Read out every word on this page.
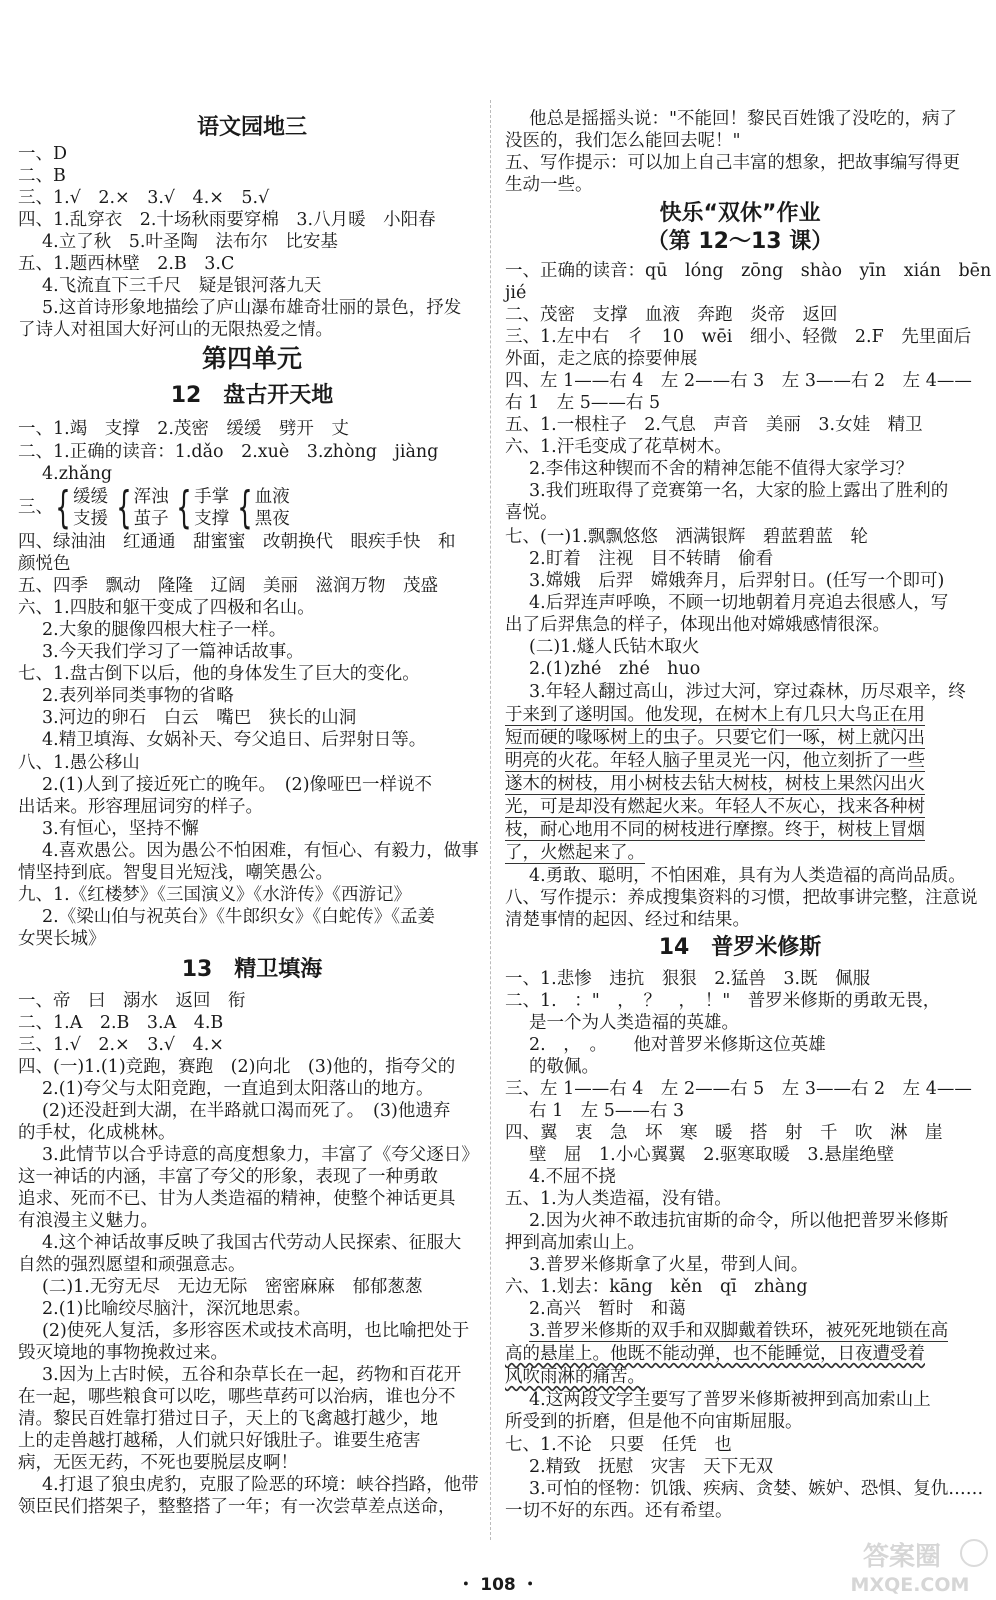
语文园地三
一、D
二、B
三、1.√　2.×　3.√　4.×　5.√
四、1.乱穿衣　2.十场秋雨要穿棉　3.八月暖　小阳春
4.立了秋　5.叶圣陶　法布尔　比安基
五、1.题西林壁　2.B　3.C
4.飞流直下三千尺　疑是银河落九天
5.这首诗形象地描绘了庐山瀑布雄奇壮丽的景色，抒发
了诗人对祖国大好河山的无限热爱之情。
第四单元
12　盘古开天地
一、1.竭　支撑　2.茂密　缓缓　劈开　丈
二、1.正确的读音：1.dǎo　2.xuè　3.zhòng　jiàng
4.zhǎng
三、{ 缓缓
支援 { 浑浊
茧子 { 手掌
支撑 { 血液
黑夜
四、绿油油　红通通　甜蜜蜜　改朝换代　眼疾手快　和
颜悦色
五、四季　飘动　隆隆　辽阔　美丽　滋润万物　茂盛
六、1.四肢和躯干变成了四极和名山。
2.大象的腿像四根大柱子一样。
3.今天我们学习了一篇神话故事。
七、1.盘古倒下以后，他的身体发生了巨大的变化。
2.表列举同类事物的省略
3.河边的卵石　白云　嘴巴　狭长的山洞
4.精卫填海、女娲补天、夸父追日、后羿射日等。
八、1.愚公移山
2.(1)人到了接近死亡的晚年。　(2)像哑巴一样说不
出话来。形容理屈词穷的样子。
3.有恒心，坚持不懈
4.喜欢愚公。因为愚公不怕困难，有恒心、有毅力，做事
情坚持到底。智叟目光短浅，嘲笑愚公。
九、1.《红楼梦》《三国演义》《水浒传》《西游记》
2.《梁山伯与祝英台》《牛郎织女》《白蛇传》《孟姜
女哭长城》
13　精卫填海
一、帝　曰　溺水　返回　衔
二、1.A　2.B　3.A　4.B
三、1.√　2.×　3.√　4.×
四、(一)1.(1)竞跑，赛跑　(2)向北　(3)他的，指夸父的
2.(1)夸父与太阳竞跑，一直追到太阳落山的地方。
(2)还没赶到大湖，在半路就口渴而死了。　(3)他遗弃
的手杖，化成桃林。
3.此情节以合乎诗意的高度想象力，丰富了《夸父逐日》
这一神话的内涵，丰富了夸父的形象，表现了一种勇敢
追求、死而不已、甘为人类造福的精神，使整个神话更具
有浪漫主义魅力。
4.这个神话故事反映了我国古代劳动人民探索、征服大
自然的强烈愿望和顽强意志。
(二)1.无穷无尽　无边无际　密密麻麻　郁郁葱葱
2.(1)比喻绞尽脑汁，深沉地思索。
(2)使死人复活，多形容医术或技术高明，也比喻把处于
毁灭境地的事物挽救过来。
3.因为上古时候，五谷和杂草长在一起，药物和百花开
在一起，哪些粮食可以吃，哪些草药可以治病，谁也分不
清。黎民百姓靠打猎过日子，天上的飞禽越打越少，地
上的走兽越打越稀，人们就只好饿肚子。谁要生疮害
病，无医无药，不死也要脱层皮啊！
4.打退了狼虫虎豹，克服了险恶的环境：峡谷挡路，他带
领臣民们搭架子，整整搭了一年；有一次尝草差点送命，
他总是摇摇头说："不能回！黎民百姓饿了没吃的，病了
没医的，我们怎么能回去呢！"
五、写作提示：可以加上自己丰富的想象，把故事编写得更
生动一些。
快乐“双休”作业
（第 12～13 课）
一、正确的读音：qū　lóng　zōng　shào　yīn　xián　bēn
jié
二、茂密　支撑　血液　奔跑　炎帝　返回
三、1.左中右　彳　10　wēi　细小、轻微　2.F　先里面后
外面，走之底的捺要伸展
四、左 1——右 4　左 2——右 3　左 3——右 2　左 4——
右 1　左 5——右 5
五、1.一根柱子　2.气息　声音　美丽　3.女娃　精卫
六、1.汗毛变成了花草树木。
2.李伟这种锲而不舍的精神怎能不值得大家学习？
3.我们班取得了竞赛第一名，大家的脸上露出了胜利的
喜悦。
七、(一)1.飘飘悠悠　洒满银辉　碧蓝碧蓝　轮
2.盯着　注视　目不转睛　偷看
3.嫦娥　后羿　嫦娥奔月，后羿射日。(任写一个即可)
4.后羿连声呼唤，不顾一切地朝着月亮追去很感人，写
出了后羿焦急的样子，体现出他对嫦娥感情很深。
(二)1.燧人氏钻木取火
2.(1)zhé　zhé　huo
3.年轻人翻过高山，涉过大河，穿过森林，历尽艰辛，终
于来到了遂明国。他发现，在树木上有几只大鸟正在用
短而硬的喙啄树上的虫子。只要它们一啄，树上就闪出
明亮的火花。年轻人脑子里灵光一闪，他立刻折了一些
遂木的树枝，用小树枝去钻大树枝，树枝上果然闪出火
光，可是却没有燃起火来。年轻人不灰心，找来各种树
枝，耐心地用不同的树枝进行摩擦。终于，树枝上冒烟
了，火燃起来了。
4.勇敢、聪明，不怕困难，具有为人类造福的高尚品质。
八、写作提示：养成搜集资料的习惯，把故事讲完整，注意说
清楚事情的起因、经过和结果。
14　普罗米修斯
一、1.悲惨　违抗　狠狠　2.猛兽　3.既　佩服
二、1.　："　，　？　，　！"　普罗米修斯的勇敢无畏，
是一个为人类造福的英雄。
2.　，　。　　他对普罗米修斯这位英雄
的敬佩。
三、左 1——右 4　左 2——右 5　左 3——右 2　左 4——
右 1　左 5——右 3
四、翼　衷　急　坏　寒　暖　搭　射　千　吹　淋　崖
壁　屈　1.小心翼翼　2.驱寒取暖　3.悬崖绝壁
4.不屈不挠
五、1.为人类造福，没有错。
2.因为火神不敢违抗宙斯的命令，所以他把普罗米修斯
押到高加索山上。
3.普罗米修斯拿了火星，带到人间。
六、1.划去：kāng　kěn　qī　zhàng
2.高兴　暂时　和蔼
3.普罗米修斯的双手和双脚戴着铁环，被死死地锁在高
高的悬崖上。他既不能动弹，也不能睡觉，日夜遭受着
风吹雨淋的痛苦。
4.这两段文字主要写了普罗米修斯被押到高加索山上
所受到的折磨，但是他不向宙斯屈服。
七、1.不论　只要　任凭　也
2.精致　抚慰　灾害　天下无双
3.可怕的怪物：饥饿、疾病、贪婪、嫉妒、恐惧、复仇……
一切不好的东西。还有希望。
・ 108 ・
答案圈
MXQE.COM
